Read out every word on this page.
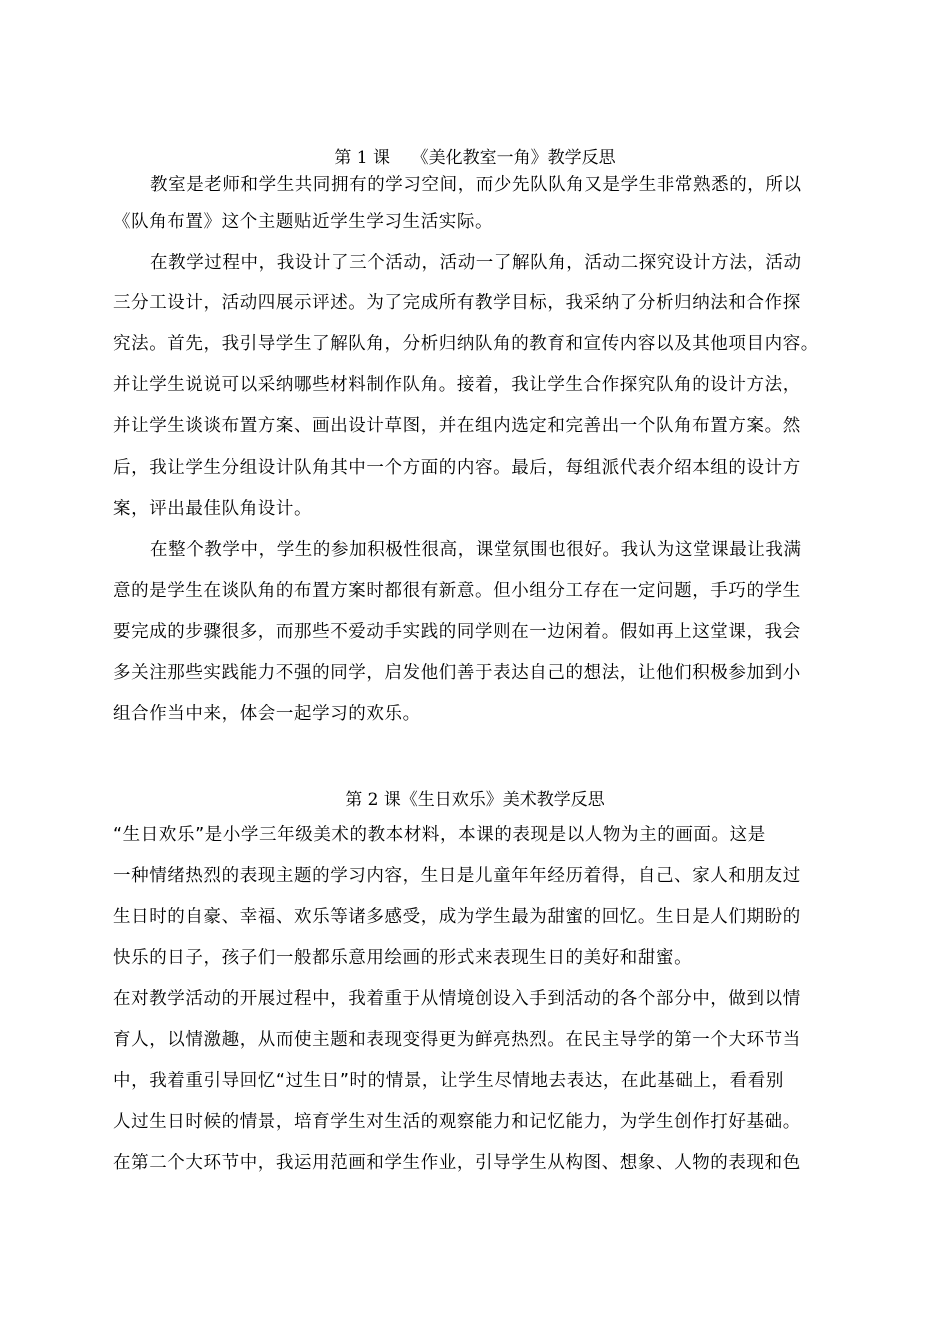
第 1 课    《美化教室一角》教学反思
教室是老师和学生共同拥有的学习空间，而少先队队角又是学生非常熟悉的，所以
《队角布置》这个主题贴近学生学习生活实际。
在教学过程中，我设计了三个活动，活动一了解队角，活动二探究设计方法，活动
三分工设计，活动四展示评述。为了完成所有教学目标，我采纳了分析归纳法和合作探
究法。首先，我引导学生了解队角，分析归纳队角的教育和宣传内容以及其他项目内容。
并让学生说说可以采纳哪些材料制作队角。接着，我让学生合作探究队角的设计方法，
并让学生谈谈布置方案、画出设计草图，并在组内选定和完善出一个队角布置方案。然
后，我让学生分组设计队角其中一个方面的内容。最后，每组派代表介绍本组的设计方
案，评出最佳队角设计。
在整个教学中，学生的参加积极性很高，课堂氛围也很好。我认为这堂课最让我满
意的是学生在谈队角的布置方案时都很有新意。但小组分工存在一定问题，手巧的学生
要完成的步骤很多，而那些不爱动手实践的同学则在一边闲着。假如再上这堂课，我会
多关注那些实践能力不强的同学，启发他们善于表达自己的想法，让他们积极参加到小
组合作当中来，体会一起学习的欢乐。
第 2 课《生日欢乐》美术教学反思
“生日欢乐”是小学三年级美术的教本材料，本课的表现是以人物为主的画面。这是
一种情绪热烈的表现主题的学习内容，生日是儿童年年经历着得，自己、家人和朋友过
生日时的自豪、幸福、欢乐等诸多感受，成为学生最为甜蜜的回忆。生日是人们期盼的
快乐的日子，孩子们一般都乐意用绘画的形式来表现生日的美好和甜蜜。
在对教学活动的开展过程中，我着重于从情境创设入手到活动的各个部分中，做到以情
育人，以情激趣，从而使主题和表现变得更为鲜亮热烈。在民主导学的第一个大环节当
中，我着重引导回忆“过生日”时的情景，让学生尽情地去表达，在此基础上，看看别
人过生日时候的情景，培育学生对生活的观察能力和记忆能力，为学生创作打好基础。
在第二个大环节中，我运用范画和学生作业，引导学生从构图、想象、人物的表现和色
